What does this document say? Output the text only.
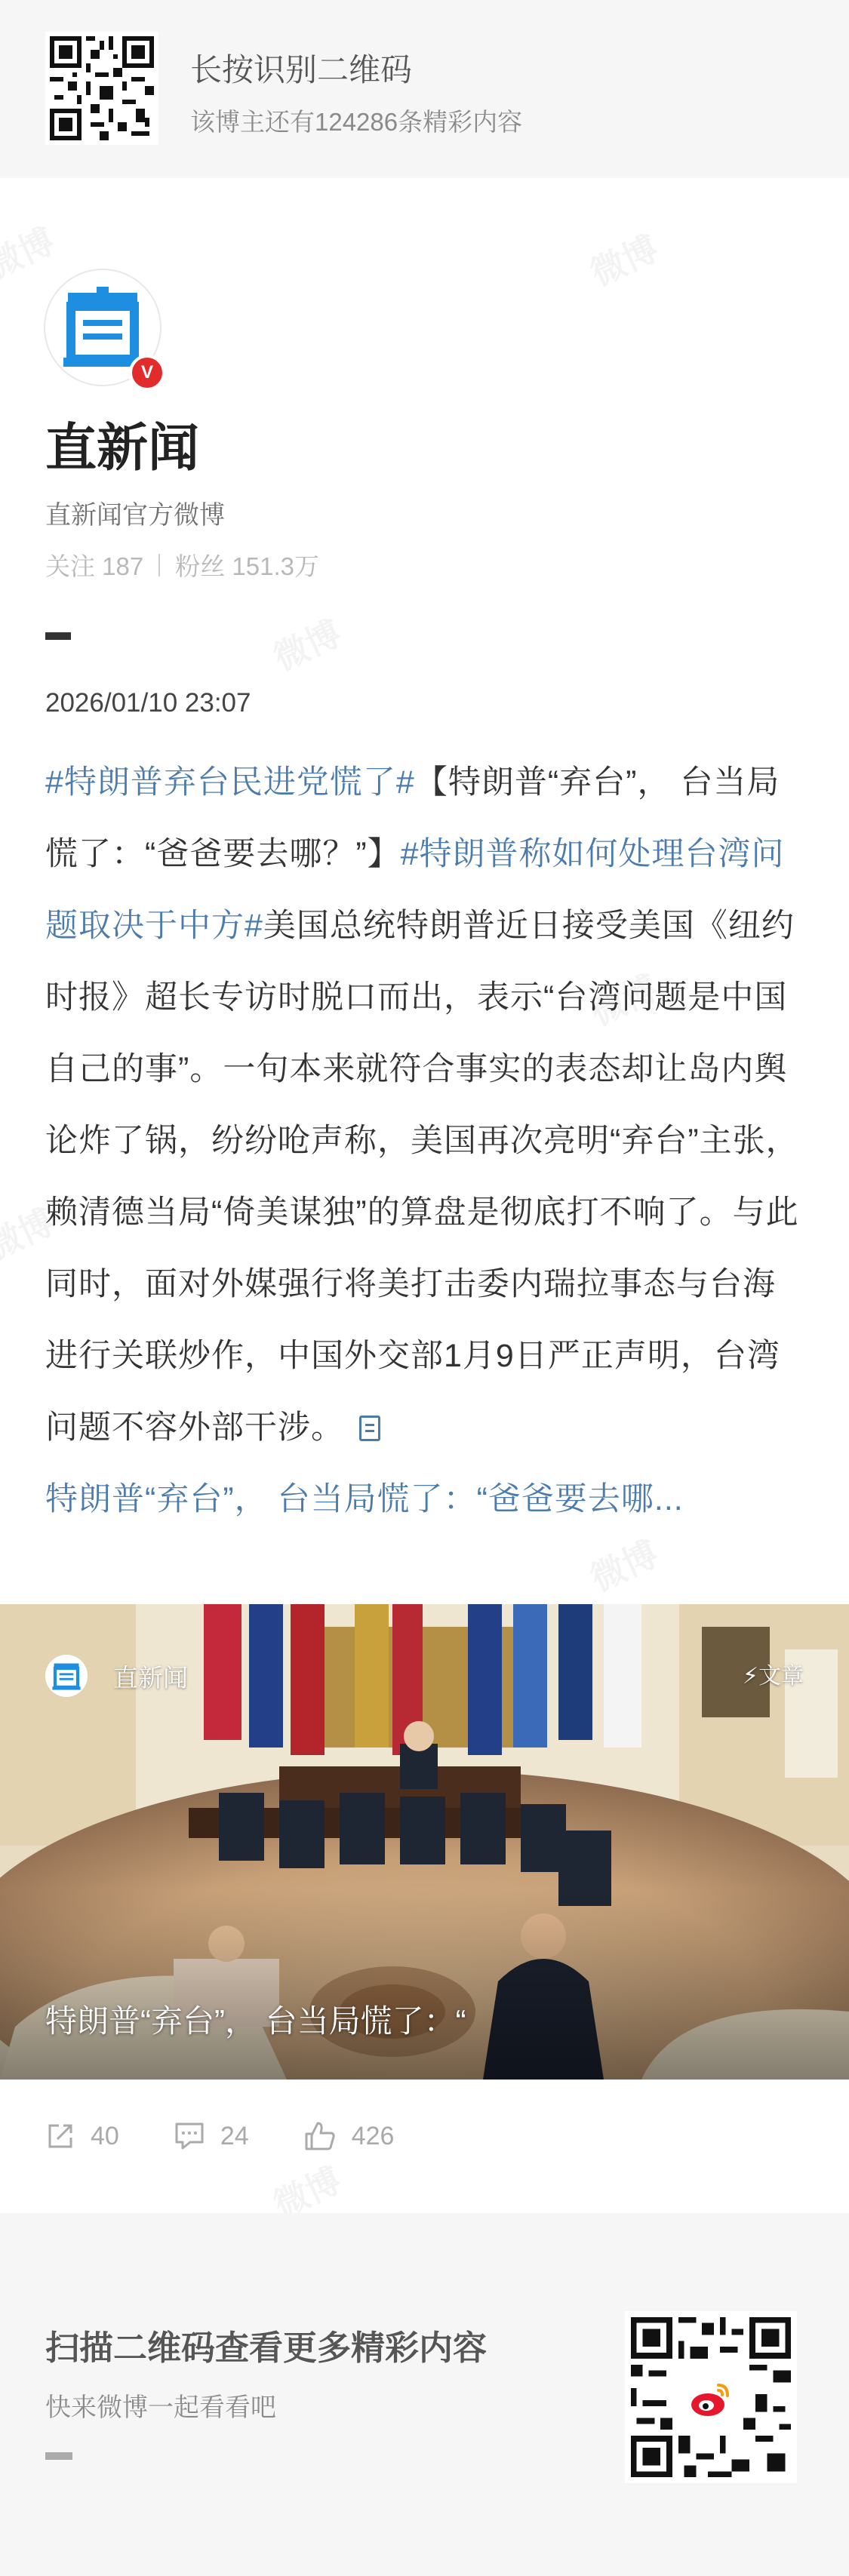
长按识别二维码
该博主还有124286条精彩内容
V
直新闻
直新闻官方微博
关注 187 粉丝 151.3万
2026/01/10 23:07
#特朗普弃台民进党慌了#【特朗普“弃台”， 台当局慌了：“爸爸要去哪？”】#特朗普称如何处理台湾问题取决于中方#美国总统特朗普近日接受美国《纽约时报》超长专访时脱口而出，表示“台湾问题是中国自己的事”。一句本来就符合事实的表态却让岛内舆论炸了锅，纷纷呛声称，美国再次亮明“弃台”主张，赖清德当局“倚美谋独”的算盘是彻底打不响了。与此同时，面对外媒强行将美打击委内瑞拉事态与台海进行关联炒作，中国外交部1月9日严正声明，台湾问题不容外部干涉。
特朗普“弃台”， 台当局慌了：“爸爸要去哪...
直新闻	⚡文章
特朗普“弃台”， 台当局慌了：“
40	24	426
扫描二维码查看更多精彩内容
快来微博一起看看吧
